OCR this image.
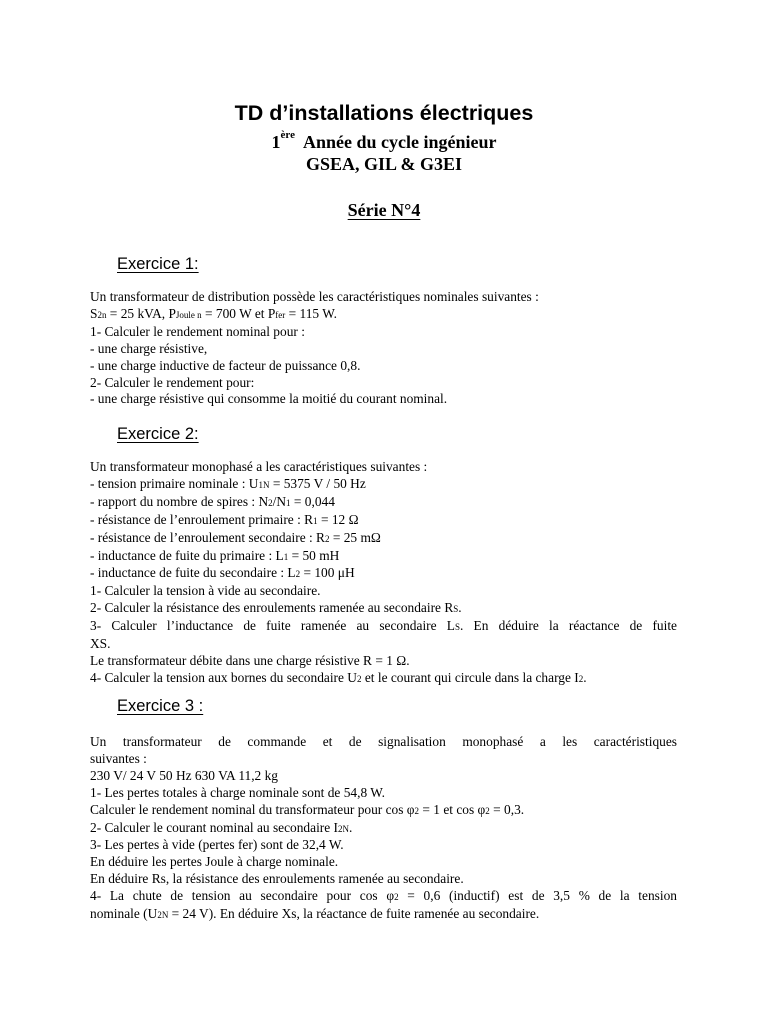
TD d’installations électriques
1ère Année du cycle ingénieur
GSEA, GIL & G3EI
Série N°4
Exercice 1:
Un transformateur de distribution possède les caractéristiques nominales suivantes :
S2n = 25 kVA, PJoule n = 700 W et Pfer = 115 W.
1- Calculer le rendement nominal pour :
- une charge résistive,
- une charge inductive de facteur de puissance 0,8.
2- Calculer le rendement pour:
- une charge résistive qui consomme la moitié du courant nominal.
Exercice 2:
Un transformateur monophasé a les caractéristiques suivantes :
- tension primaire nominale : U1N = 5375 V / 50 Hz
- rapport du nombre de spires : N2/N1 = 0,044
- résistance de l’enroulement primaire : R1 = 12 Ω
- résistance de l’enroulement secondaire : R2 = 25 mΩ
- inductance de fuite du primaire : L1 = 50 mH
- inductance de fuite du secondaire : L2 = 100 μH
1- Calculer la tension à vide au secondaire.
2- Calculer la résistance des enroulements ramenée au secondaire RS.
3- Calculer l’inductance de fuite ramenée au secondaire LS. En déduire la réactance de fuite
XS.
Le transformateur débite dans une charge résistive R = 1 Ω.
4- Calculer la tension aux bornes du secondaire U2 et le courant qui circule dans la charge I2.
Exercice 3 :
Un transformateur de commande et de signalisation monophasé a les caractéristiques
suivantes :
230 V/ 24 V 50 Hz 630 VA 11,2 kg
1- Les pertes totales à charge nominale sont de 54,8 W.
Calculer le rendement nominal du transformateur pour cos φ2 = 1 et cos φ2 = 0,3.
2- Calculer le courant nominal au secondaire I2N.
3- Les pertes à vide (pertes fer) sont de 32,4 W.
En déduire les pertes Joule à charge nominale.
En déduire Rs, la résistance des enroulements ramenée au secondaire.
4- La chute de tension au secondaire pour cos φ2 = 0,6 (inductif) est de 3,5 % de la tension
nominale (U2N = 24 V). En déduire Xs, la réactance de fuite ramenée au secondaire.
